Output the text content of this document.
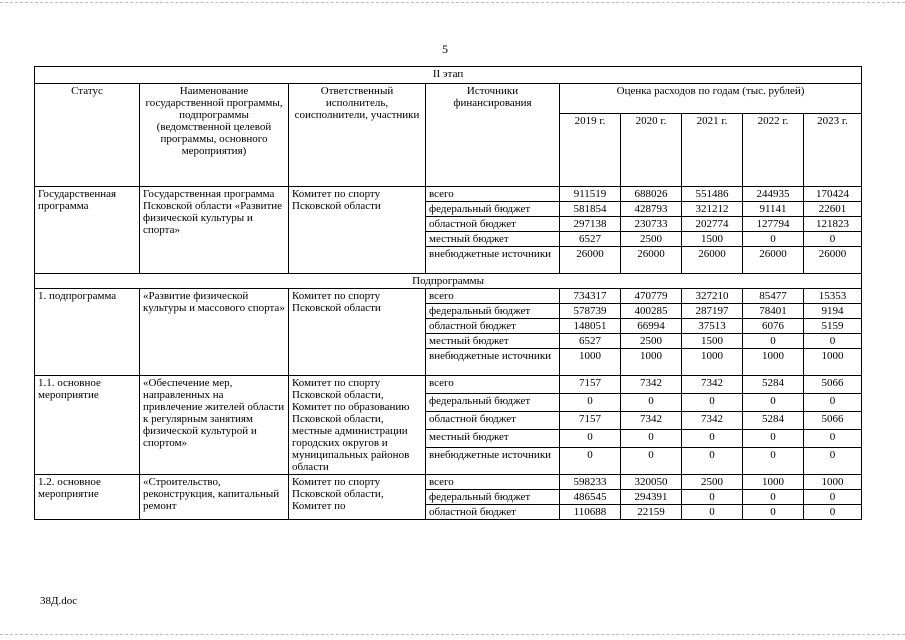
5
II этап								
Статус	Наименование государственной программы, подпрограммы (ведомственной целевой программы, основного мероприятия)	Ответственный исполнитель, соисполнители, участники	Источники финансирования	Оценка расходов по годам (тыс. рублей)				
				2019 г.	2020 г.	2021 г.	2022 г.	2023 г.
Государственная программа	Государственная программа Псковской области «Развитие физической культуры и спорта»	Комитет по спорту Псковской области	всего	911519	688026	551486	244935	170424
			федеральный бюджет	581854	428793	321212	91141	22601
			областной бюджет	297138	230733	202774	127794	121823
			местный бюджет	6527	2500	1500	0	0
			внебюджетные источники	26000	26000	26000	26000	26000
Подпрограммы								
1. подпрограмма	«Развитие физической культуры и массового спорта»	Комитет по спорту Псковской области	всего	734317	470779	327210	85477	15353
			федеральный бюджет	578739	400285	287197	78401	9194
			областной бюджет	148051	66994	37513	6076	5159
			местный бюджет	6527	2500	1500	0	0
			внебюджетные источники	1000	1000	1000	1000	1000
1.1. основное мероприятие	«Обеспечение мер, направленных на привлечение жителей области к регулярным занятиям физической культурой и спортом»	Комитет по спорту Псковской области, Комитет по образованию Псковской области, местные администрации городских округов и муниципальных районов области	всего	7157	7342	7342	5284	5066
			федеральный бюджет	0	0	0	0	0
			областной бюджет	7157	7342	7342	5284	5066
			местный бюджет	0	0	0	0	0
			внебюджетные источники	0	0	0	0	0
1.2. основное мероприятие	«Строительство, реконструкция, капитальный ремонт	Комитет по спорту Псковской области, Комитет по	всего	598233	320050	2500	1000	1000
			федеральный бюджет	486545	294391	0	0	0
			областной бюджет	110688	22159	0	0	0
38Д.doc
